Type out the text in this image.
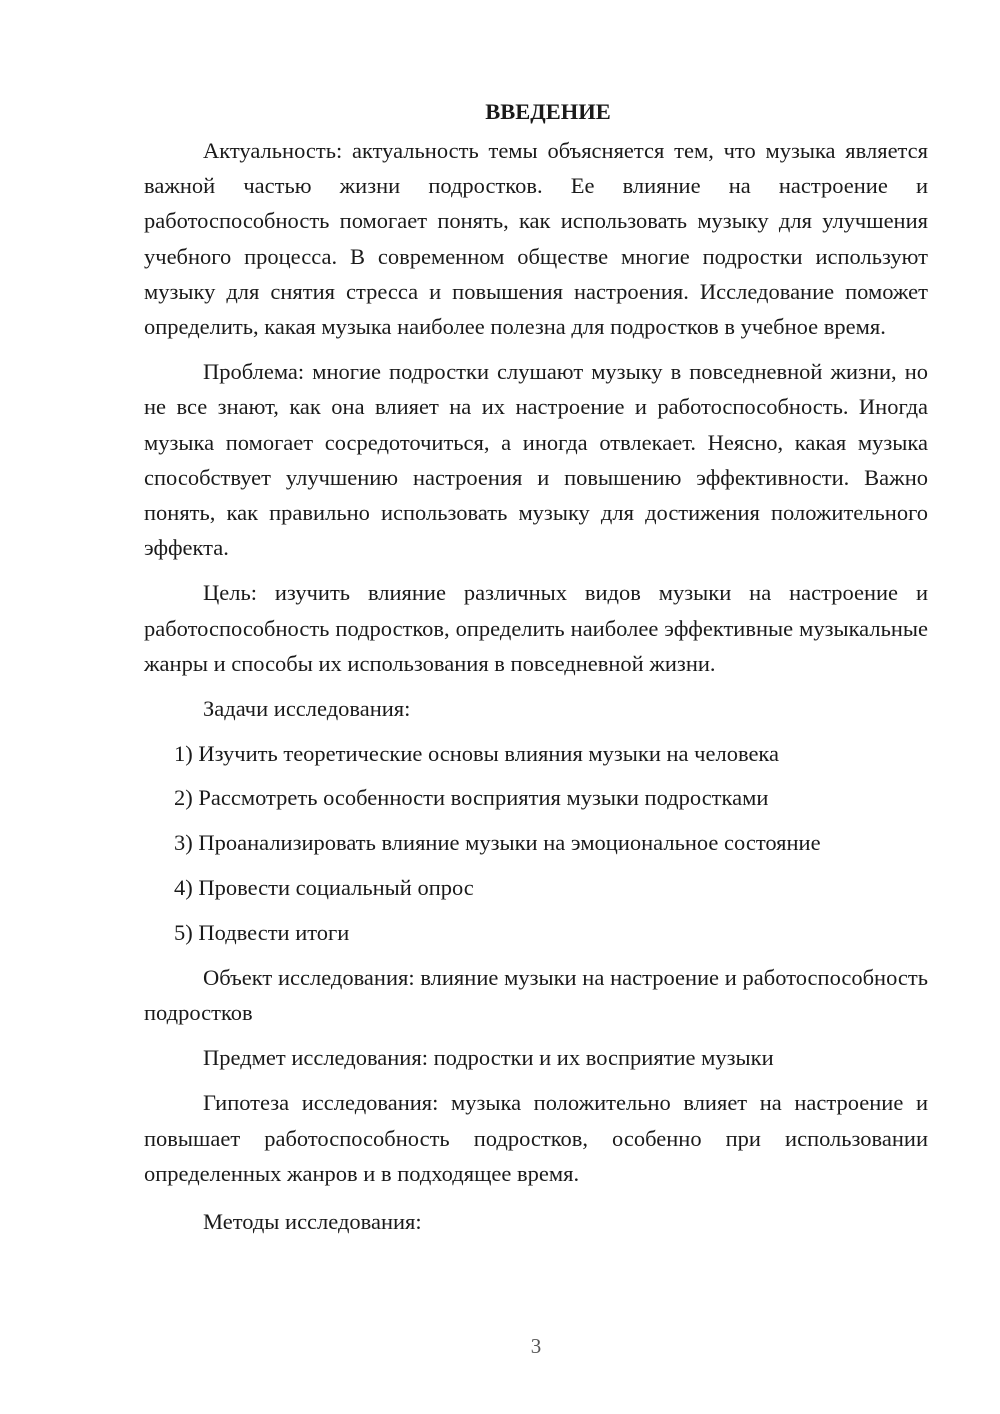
ВВЕДЕНИЕ

Актуальность: актуальность темы объясняется тем, что музыка является важной частью жизни подростков. Ее влияние на настроение и работоспособность помогает понять, как использовать музыку для улучшения учебного процесса. В современном обществе многие подростки используют музыку для снятия стресса и повышения настроения. Исследование поможет определить, какая музыка наиболее полезна для подростков в учебное время.

Проблема: многие подростки слушают музыку в повседневной жизни, но не все знают, как она влияет на их настроение и работоспособность. Иногда музыка помогает сосредоточиться, а иногда отвлекает. Неясно, какая музыка способствует улучшению настроения и повышению эффективности. Важно понять, как правильно использовать музыку для достижения положительного эффекта.

Цель: изучить влияние различных видов музыки на настроение и работоспособность подростков, определить наиболее эффективные музыкальные жанры и способы их использования в повседневной жизни.

Задачи исследования:

1) Изучить теоретические основы влияния музыки на человека

2) Рассмотреть особенности восприятия музыки подростками

3) Проанализировать влияние музыки на эмоциональное состояние

4) Провести социальный опрос

5) Подвести итоги

Объект исследования: влияние музыки на настроение и работоспособность подростков

Предмет исследования: подростки и их восприятие музыки

Гипотеза исследования: музыка положительно влияет на настроение и повышает работоспособность подростков, особенно при использовании определенных жанров и в подходящее время.

Методы исследования:

3
